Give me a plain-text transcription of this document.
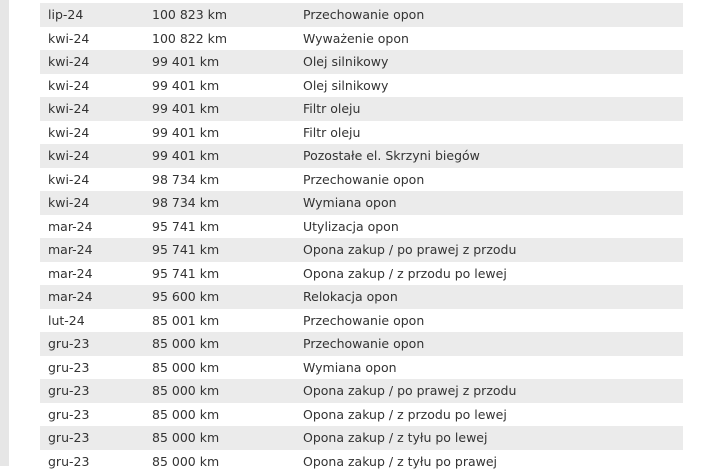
lip-24	100 823 km	Przechowanie opon
kwi-24	100 822 km	Wyważenie opon
kwi-24	99 401 km	Olej silnikowy
kwi-24	99 401 km	Olej silnikowy
kwi-24	99 401 km	Filtr oleju
kwi-24	99 401 km	Filtr oleju
kwi-24	99 401 km	Pozostałe el. Skrzyni biegów
kwi-24	98 734 km	Przechowanie opon
kwi-24	98 734 km	Wymiana opon
mar-24	95 741 km	Utylizacja opon
mar-24	95 741 km	Opona zakup / po prawej z przodu
mar-24	95 741 km	Opona zakup / z przodu po lewej
mar-24	95 600 km	Relokacja opon
lut-24	85 001 km	Przechowanie opon
gru-23	85 000 km	Przechowanie opon
gru-23	85 000 km	Wymiana opon
gru-23	85 000 km	Opona zakup / po prawej z przodu
gru-23	85 000 km	Opona zakup / z przodu po lewej
gru-23	85 000 km	Opona zakup / z tyłu po lewej
gru-23	85 000 km	Opona zakup / z tyłu po prawej
